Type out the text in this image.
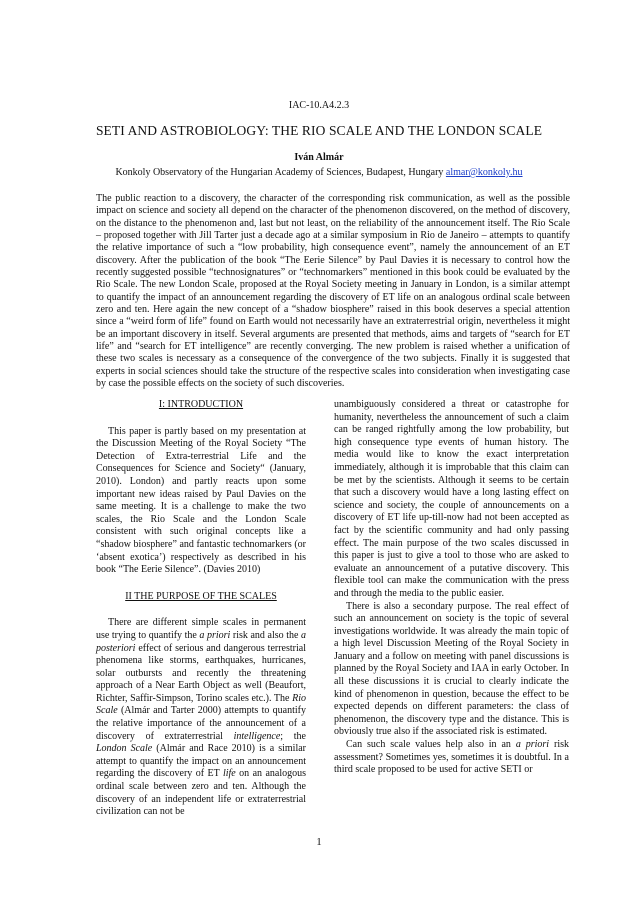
IAC-10.A4.2.3
SETI AND ASTROBIOLOGY: THE RIO SCALE AND THE LONDON SCALE
Iván Almár
Konkoly Observatory of the Hungarian Academy of Sciences, Budapest, Hungary almar@konkoly.hu

The public reaction to a discovery, the character of the corresponding risk communication, as well as the possible impact on science and society all depend on the character of the phenomenon discovered, on the method of discovery, on the distance to the phenomenon and, last but not least, on the reliability of the announcement itself. The Rio Scale – proposed together with Jill Tarter just a decade ago at a similar symposium in Rio de Janeiro – attempts to quantify the relative importance of such a “low probability, high consequence event”, namely the announcement of an ET discovery. After the publication of the book “The Eerie Silence” by Paul Davies it is necessary to control how the recently suggested possible “technosignatures” or “technomarkers” mentioned in this book could be evaluated by the Rio Scale. The new London Scale, proposed at the Royal Society meeting in January in London, is a similar attempt to quantify the impact of an announcement regarding the discovery of ET life on an analogous ordinal scale between zero and ten. Here again the new concept of a “shadow biosphere” raised in this book deserves a special attention since a “weird form of life” found on Earth would not necessarily have an extraterrestrial origin, nevertheless it might be an important discovery in itself. Several arguments are presented that methods, aims and targets of “search for ET life” and “search for ET intelligence” are recently converging. The new problem is raised whether a unification of these two scales is necessary as a consequence of the convergence of the two subjects. Finally it is suggested that experts in social sciences should take the structure of the respective scales into consideration when investigating case by case the possible effects on the society of such discoveries.

I: INTRODUCTION

This paper is partly based on my presentation at the Discussion Meeting of the Royal Society “The Detection of Extra-terrestrial Life and the Consequences for Science and Society“ (January, 2010). London) and partly reacts upon some important new ideas raised by Paul Davies on the same meeting. It is a challenge to make the two scales, the Rio Scale and the London Scale consistent with such original concepts like a “shadow biosphere” and fantastic technomarkers (or ‘absent exotica’) respectively as described in his book “The Eerie Silence”. (Davies 2010)

II THE PURPOSE OF THE SCALES

There are different simple scales in permanent use trying to quantify the a priori risk and also the a posteriori effect of serious and dangerous terrestrial phenomena like storms, earthquakes, hurricanes, solar outbursts and recently the threatening approach of a Near Earth Object as well (Beaufort, Richter, Saffir-Simpson, Torino scales etc.). The Rio Scale (Almár and Tarter 2000) attempts to quantify the relative importance of the announcement of a discovery of extraterrestrial intelligence; the London Scale (Almár and Race 2010) is a similar attempt to quantify the impact on an announcement regarding the discovery of ET life on an analogous ordinal scale between zero and ten. Although the discovery of an independent life or extraterrestrial civilization can not be

unambiguously considered a threat or catastrophe for humanity, nevertheless the announcement of such a claim can be ranged rightfully among the low probability, but high consequence type events of human history. The media would like to know the exact interpretation immediately, although it is improbable that this claim can be met by the scientists. Although it seems to be certain that such a discovery would have a long lasting effect on science and society, the couple of announcements on a discovery of ET life up-till-now had not been accepted as fact by the scientific community and had only passing effect. The main purpose of the two scales discussed in this paper is just to give a tool to those who are asked to evaluate an announcement of a putative discovery. This flexible tool can make the communication with the press and through the media to the public easier.

There is also a secondary purpose. The real effect of such an announcement on society is the topic of several investigations worldwide. It was already the main topic of a high level Discussion Meeting of the Royal Society in January and a follow on meeting with panel discussions is planned by the Royal Society and IAA in early October. In all these discussions it is crucial to clearly indicate the kind of phenomenon in question, because the effect to be expected depends on different parameters: the class of phenomenon, the discovery type and the distance. This is obviously true also if the associated risk is estimated.

Can such scale values help also in an a priori risk assessment? Sometimes yes, sometimes it is doubtful. In a third scale proposed to be used for active SETI or

1
